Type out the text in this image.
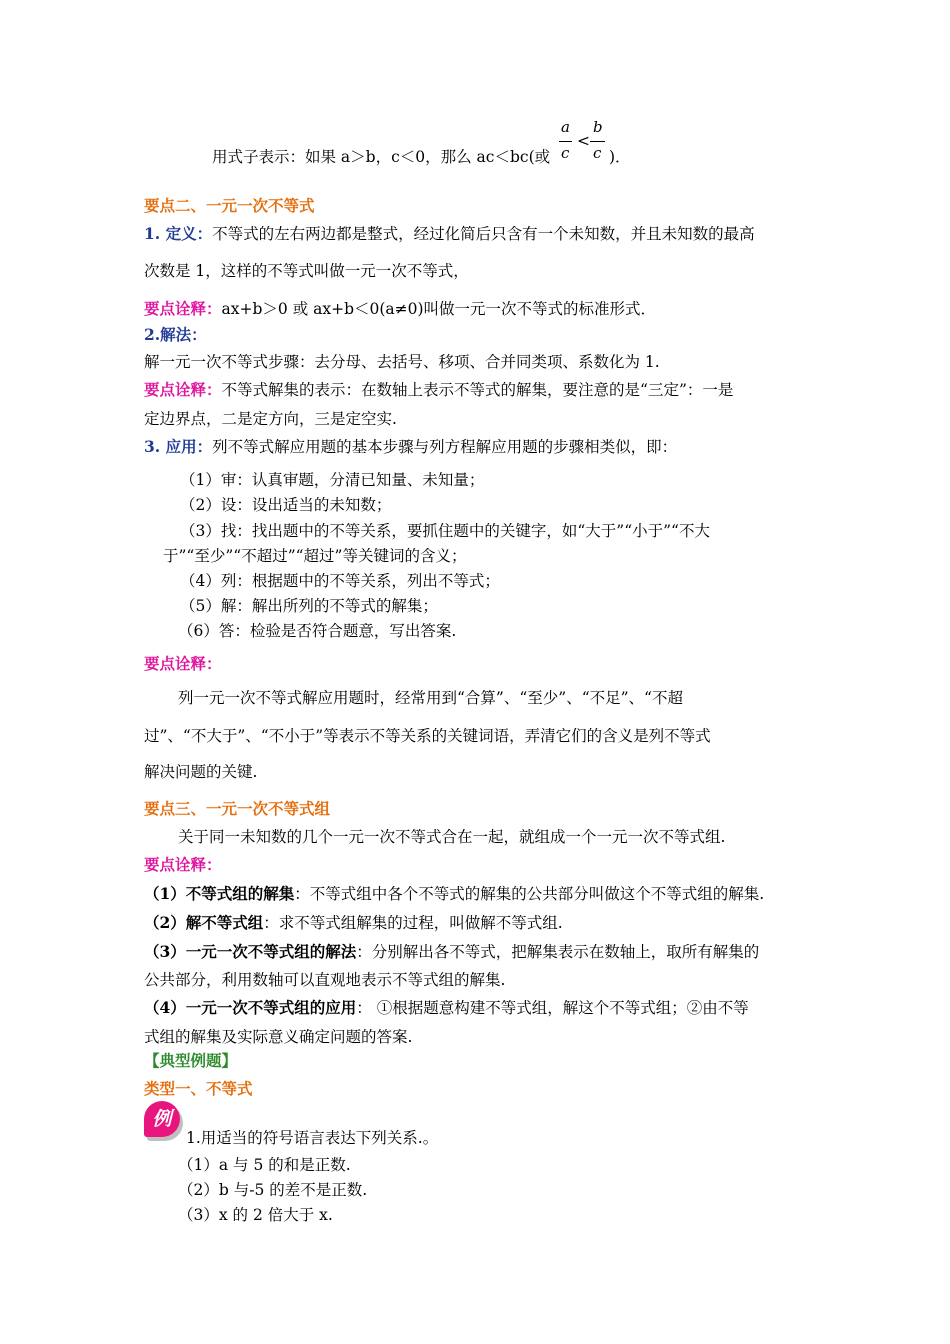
用式子表示：如果 a＞b，c＜0，那么 ac＜bc(或
a
c
<
b
c )．
要点二、一元一次不等式
1. 定义：不等式的左右两边都是整式，经过化简后只含有一个未知数，并且未知数的最高
次数是 1，这样的不等式叫做一元一次不等式，
要点诠释：ax+b＞0 或 ax+b＜0(a≠0)叫做一元一次不等式的标准形式．
2.解法：
解一元一次不等式步骤：去分母、去括号、移项、合并同类项、系数化为 1.
要点诠释：不等式解集的表示：在数轴上表示不等式的解集，要注意的是“三定”：一是
定边界点，二是定方向，三是定空实.
3. 应用：列不等式解应用题的基本步骤与列方程解应用题的步骤相类似，即：
（1）审：认真审题，分清已知量、未知量；
（2）设：设出适当的未知数；
（3）找：找出题中的不等关系，要抓住题中的关键字，如“大于”“小于”“不大
于”“至少”“不超过”“超过”等关键词的含义；
（4）列：根据题中的不等关系，列出不等式；
（5）解：解出所列的不等式的解集；
（6）答：检验是否符合题意，写出答案.
要点诠释：
列一元一次不等式解应用题时，经常用到“合算”、“至少”、“不足”、“不超
过”、“不大于”、“不小于”等表示不等关系的关键词语，弄清它们的含义是列不等式
解决问题的关键.
要点三、一元一次不等式组
关于同一未知数的几个一元一次不等式合在一起，就组成一个一元一次不等式组.
要点诠释：
（1）不等式组的解集：不等式组中各个不等式的解集的公共部分叫做这个不等式组的解集.
（2）解不等式组：求不等式组解集的过程，叫做解不等式组.
（3）一元一次不等式组的解法：分别解出各不等式，把解集表示在数轴上，取所有解集的
公共部分，利用数轴可以直观地表示不等式组的解集.
（4）一元一次不等式组的应用： ①根据题意构建不等式组，解这个不等式组；②由不等
式组的解集及实际意义确定问题的答案.
【典型例题】
类型一、不等式
例
1.用适当的符号语言表达下列关系.。
（1）a 与 5 的和是正数.
（2）b 与-5 的差不是正数.
（3）x 的 2 倍大于 x.
